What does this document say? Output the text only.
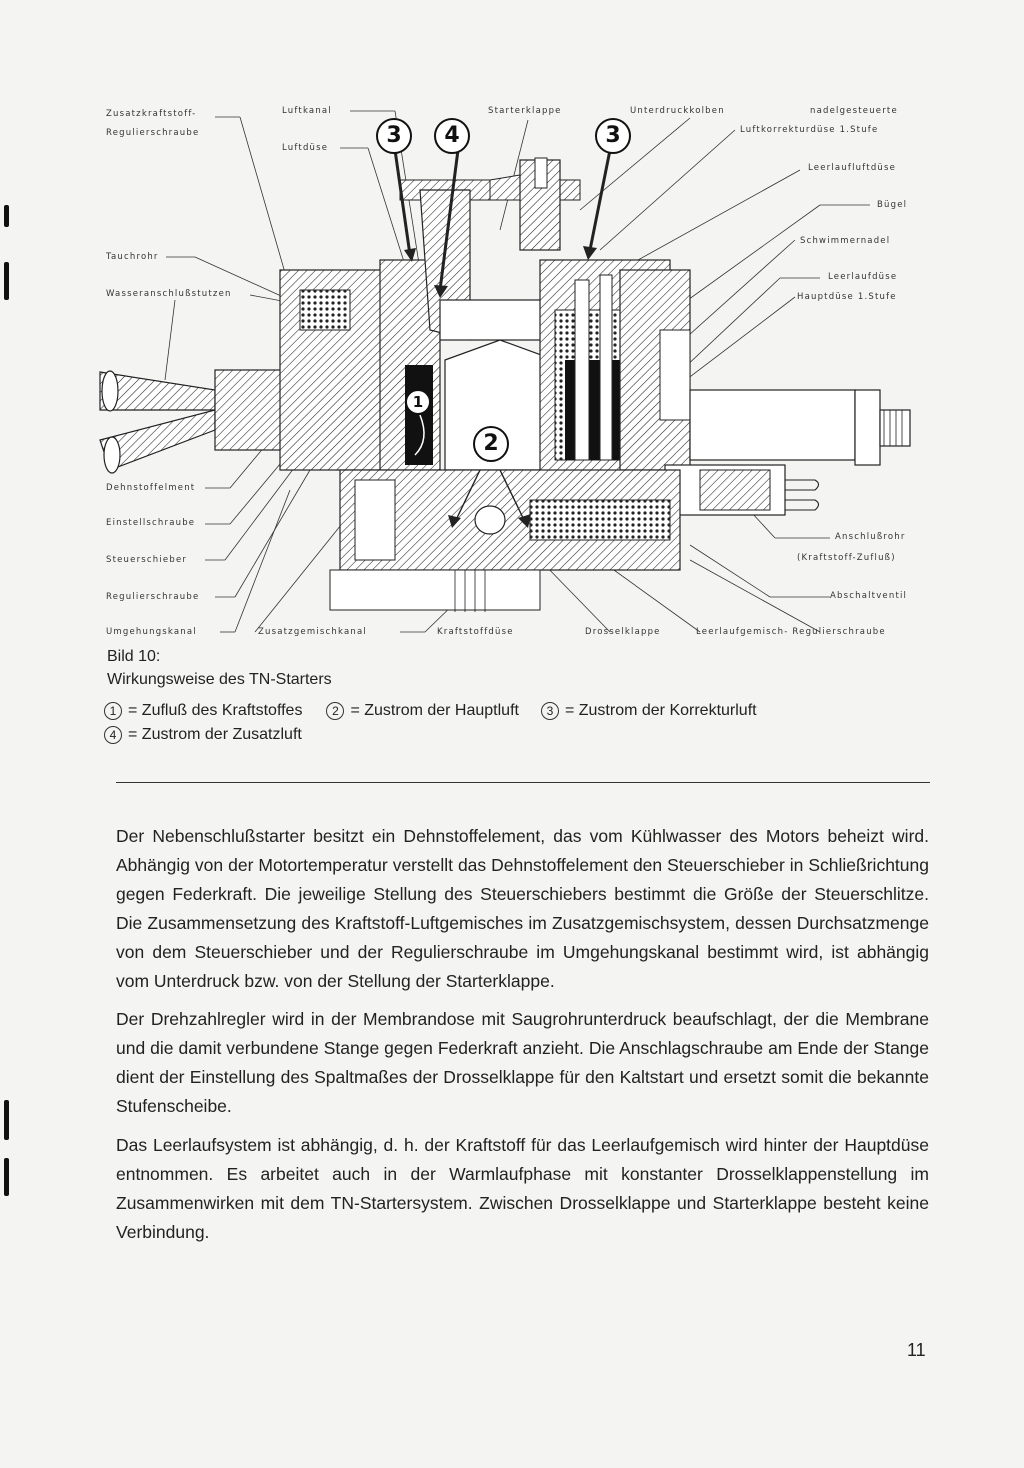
1
2
3	4	3
Zusatzkraftstoff-
Regulierschraube
Luftkanal
Luftdüse
Starterklappe	Unterdruckkolben	nadelgesteuerte
Luftkorrekturdüse 1.Stufe
Leerlaufluftdüse
Bügel
Schwimmernadel
Tauchrohr
Leerlaufdüse
Wasseranschlußstutzen	Hauptdüse 1.Stufe
Dehnstoffelment
Einstellschraube
Anschlußrohr
(Kraftstoff-Zufluß)
Steuerschieber
Regulierschraube	Abschaltventil
Umgehungskanal	Zusatzgemischkanal	Kraftstoffdüse	Drosselklappe	Leerlaufgemisch- Regulierschraube
Bild 10:
Wirkungsweise des TN-Starters
1 = Zufluß des Kraftstoffes	2 = Zustrom der Hauptluft	3 = Zustrom der Korrekturluft
4 = Zustrom der Zusatzluft

Der Nebenschlußstarter besitzt ein Dehnstoffelement, das vom Kühlwasser des Motors beheizt wird. Abhängig von der Motortemperatur verstellt das Dehnstoffelement den Steuerschieber in Schließrichtung gegen Federkraft. Die jeweilige Stellung des Steuerschiebers bestimmt die Größe der Steuerschlitze. Die Zusammensetzung des Kraftstoff-Luftgemisches im Zusatzgemischsystem, dessen Durchsatzmenge von dem Steuerschieber und der Regulierschraube im Umgehungskanal bestimmt wird, ist abhängig vom Unterdruck bzw. von der Stellung der Starterklappe.

Der Drehzahlregler wird in der Membrandose mit Saugrohrunterdruck beaufschlagt, der die Membrane und die damit verbundene Stange gegen Federkraft anzieht. Die Anschlagschraube am Ende der Stange dient der Einstellung des Spaltmaßes der Drosselklappe für den Kaltstart und ersetzt somit die bekannte Stufenscheibe.

Das Leerlaufsystem ist abhängig, d. h. der Kraftstoff für das Leerlaufgemisch wird hinter der Hauptdüse entnommen. Es arbeitet auch in der Warmlaufphase mit konstanter Drosselklappenstellung im Zusammenwirken mit dem TN-Startersystem. Zwischen Drosselklappe und Starterklappe besteht keine Verbindung.

11
